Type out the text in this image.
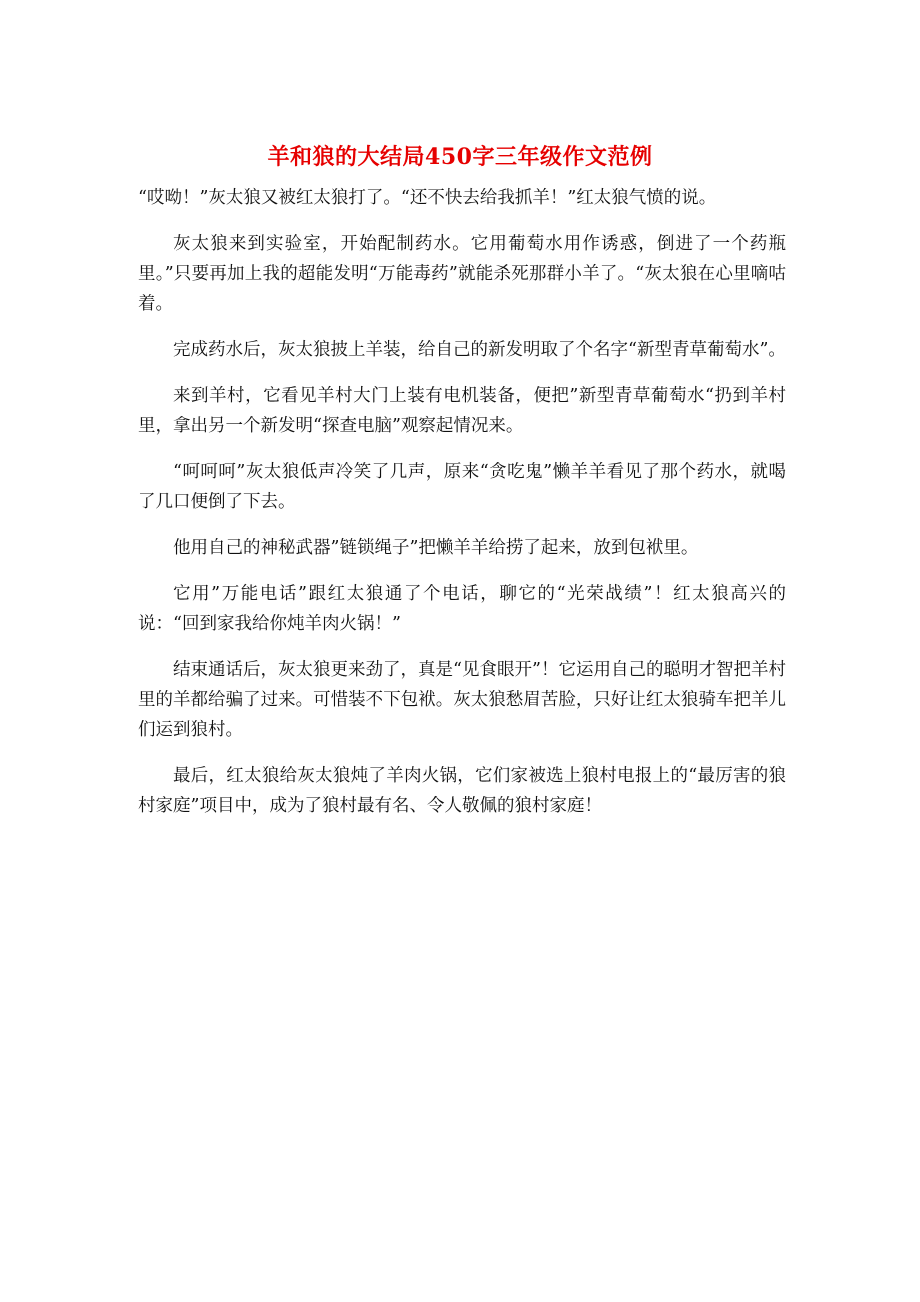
羊和狼的大结局450字三年级作文范例

“哎呦！”灰太狼又被红太狼打了。“还不快去给我抓羊！”红太狼气愤的说。

灰太狼来到实验室，开始配制药水。它用葡萄水用作诱惑，倒进了一个药瓶里。”只要再加上我的超能发明“万能毒药”就能杀死那群小羊了。“灰太狼在心里嘀咕着。

完成药水后，灰太狼披上羊装，给自己的新发明取了个名字“新型青草葡萄水”。

来到羊村，它看见羊村大门上装有电机装备，便把”新型青草葡萄水“扔到羊村里，拿出另一个新发明“探查电脑”观察起情况来。

“呵呵呵”灰太狼低声冷笑了几声，原来“贪吃鬼”懒羊羊看见了那个药水，就喝了几口便倒了下去。

他用自己的神秘武器”链锁绳子”把懒羊羊给捞了起来，放到包袱里。

它用”万能电话”跟红太狼通了个电话，聊它的“光荣战绩”！红太狼高兴的说：“回到家我给你炖羊肉火锅！”

结束通话后，灰太狼更来劲了，真是“见食眼开”！它运用自己的聪明才智把羊村里的羊都给骗了过来。可惜装不下包袱。灰太狼愁眉苦脸，只好让红太狼骑车把羊儿们运到狼村。

最后，红太狼给灰太狼炖了羊肉火锅，它们家被选上狼村电报上的“最厉害的狼村家庭”项目中，成为了狼村最有名、令人敬佩的狼村家庭！
